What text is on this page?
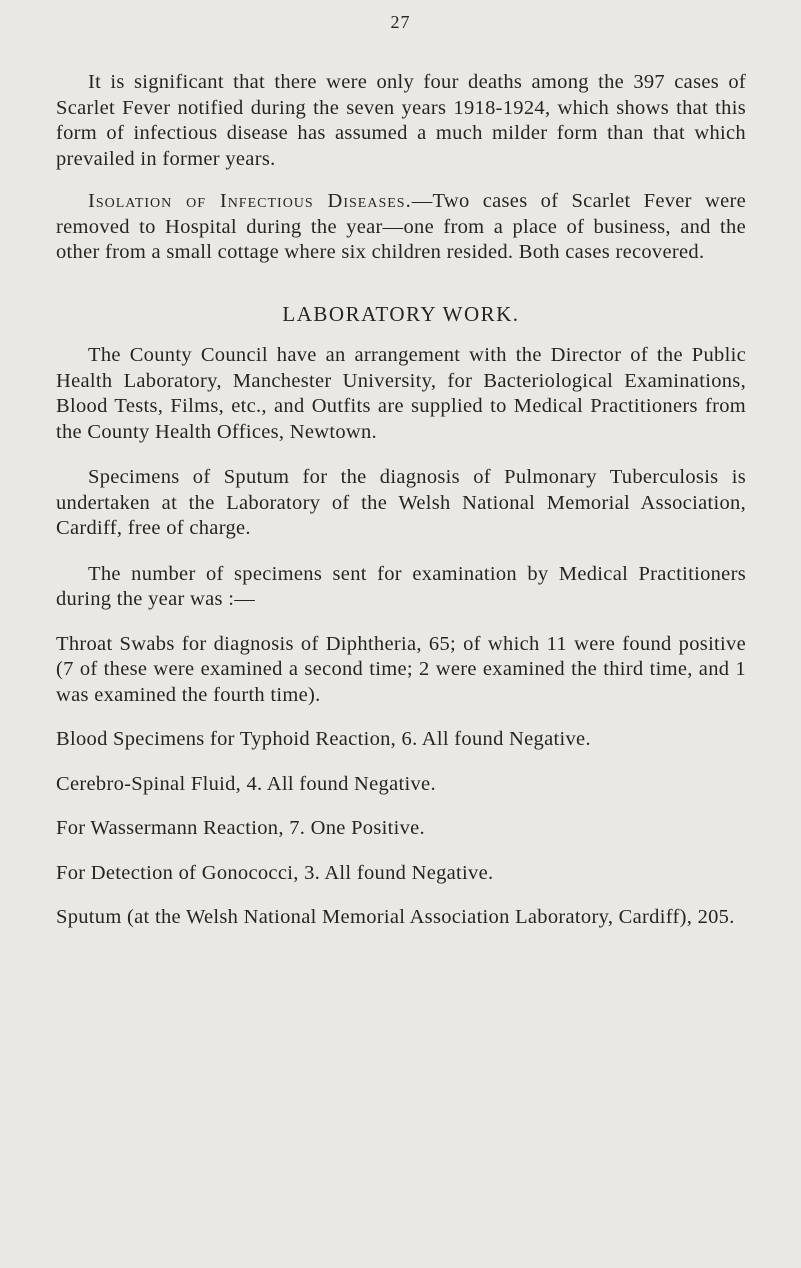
27

It is significant that there were only four deaths among the 397 cases of Scarlet Fever notified during the seven years 1918-1924, which shows that this form of infectious disease has assumed a much milder form than that which prevailed in former years.

Isolation of Infectious Diseases.—Two cases of Scarlet Fever were removed to Hospital during the year—one from a place of business, and the other from a small cottage where six children resided. Both cases recovered.

LABORATORY WORK.

The County Council have an arrangement with the Director of the Public Health Laboratory, Manchester University, for Bacteriological Examinations, Blood Tests, Films, etc., and Outfits are supplied to Medical Practitioners from the County Health Offices, Newtown.

Specimens of Sputum for the diagnosis of Pulmonary Tuberculosis is undertaken at the Laboratory of the Welsh National Memorial Association, Cardiff, free of charge.

The number of specimens sent for examination by Medical Practitioners during the year was :—

Throat Swabs for diagnosis of Diphtheria, 65; of which 11 were found positive (7 of these were examined a second time; 2 were examined the third time, and 1 was examined the fourth time).

Blood Specimens for Typhoid Reaction, 6. All found Negative.

Cerebro-Spinal Fluid, 4. All found Negative.

For Wassermann Reaction, 7. One Positive.

For Detection of Gonococci, 3. All found Negative.

Sputum (at the Welsh National Memorial Association Laboratory, Cardiff), 205.
